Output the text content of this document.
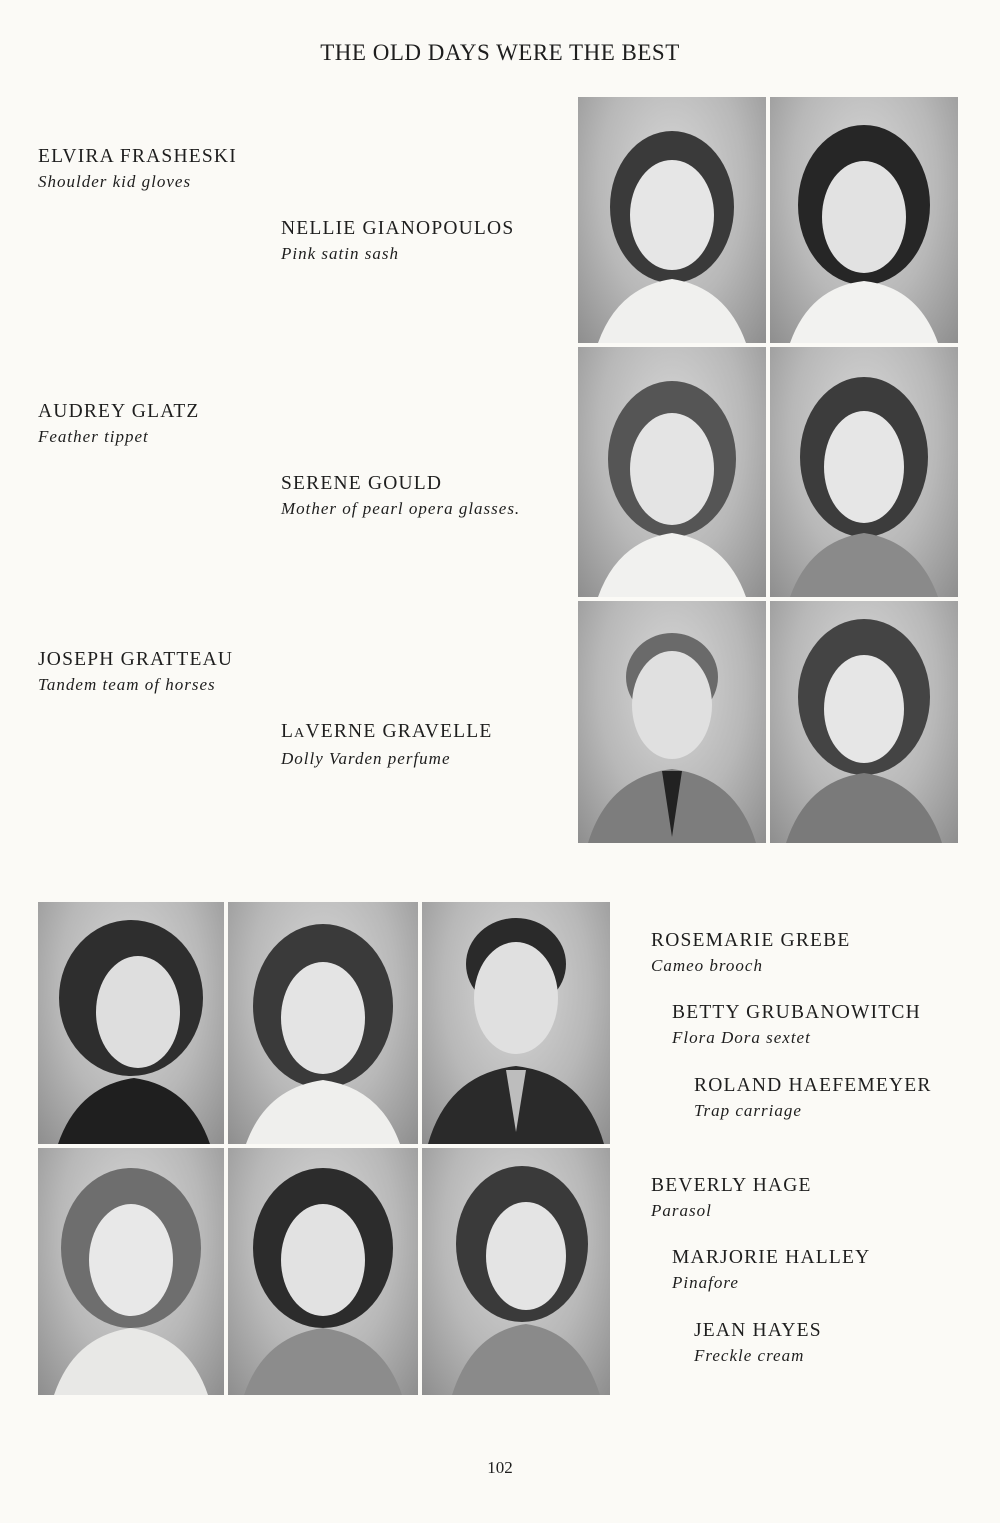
THE OLD DAYS WERE THE BEST
ELVIRA FRASHESKI
Shoulder kid gloves
NELLIE GIANOPOULOS
Pink satin sash
AUDREY GLATZ
Feather tippet
SERENE GOULD
Mother of pearl opera glasses.
JOSEPH GRATTEAU
Tandem team of horses
LAVERNE GRAVELLE
Dolly Varden perfume
ROSEMARIE GREBE
Cameo brooch
BETTY GRUBANOWITCH
Flora Dora sextet
ROLAND HAEFEMEYER
Trap carriage
BEVERLY HAGE
Parasol
MARJORIE HALLEY
Pinafore
JEAN HAYES
Freckle cream
102
